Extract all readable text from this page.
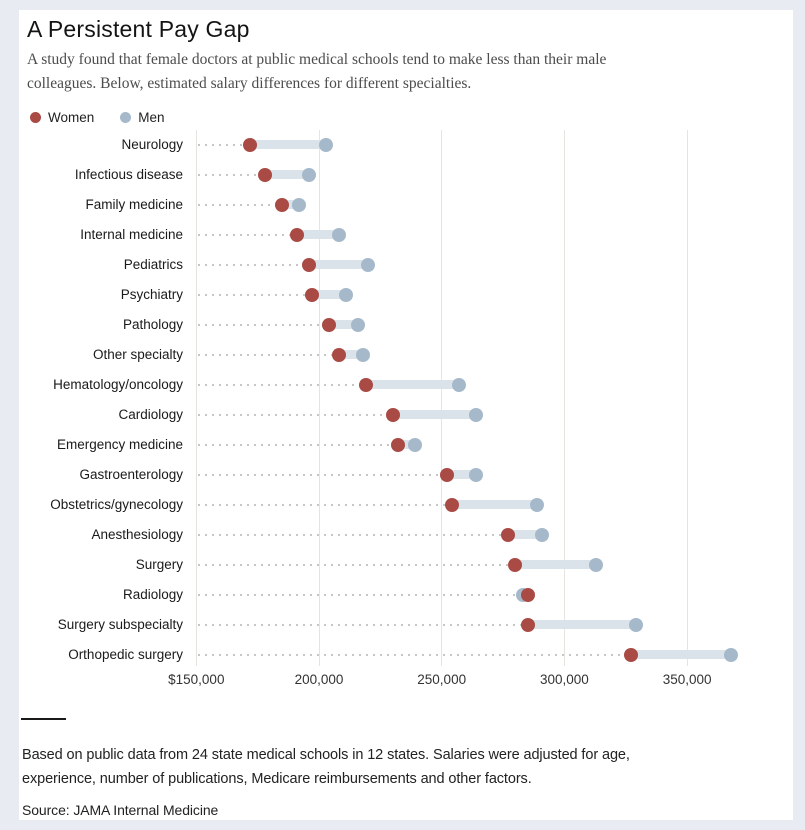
A Persistent Pay Gap

A study found that female doctors at public medical schools tend to make less than their male
colleagues. Below, estimated salary differences for different specialties.

Women	Men
Neurology
Infectious disease
Family medicine
Internal medicine
Pediatrics
Psychiatry
Pathology
Other specialty
Hematology/oncology
Cardiology
Emergency medicine
Gastroenterology
Obstetrics/gynecology
Anesthesiology
Surgery
Radiology
Surgery subspecialty
Orthopedic surgery
$150,000	200,000	250,000	300,000	350,000

Based on public data from 24 state medical schools in 12 states. Salaries were adjusted for age,
experience, number of publications, Medicare reimbursements and other factors.

Source: JAMA Internal Medicine
